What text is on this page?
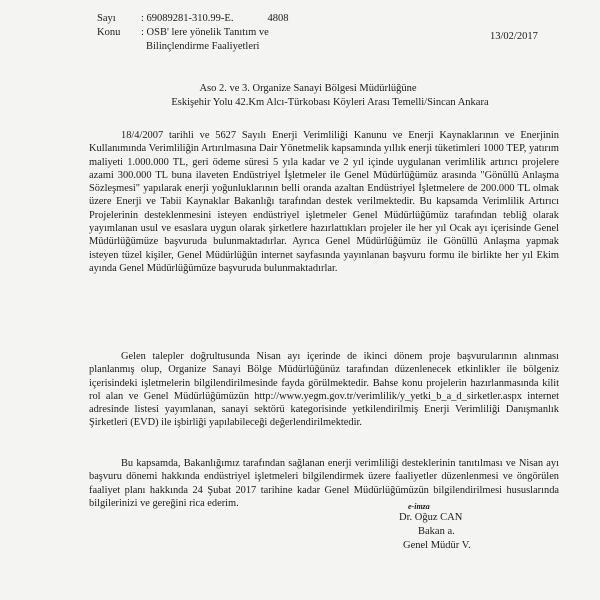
Sayı : 69089281-310.99-E.	4808
Konu : OSB' lere yönelik Tanıtım ve
Bilinçlendirme Faaliyetleri
13/02/2017
Aso 2. ve 3. Organize Sanayi Bölgesi Müdürlüğüne
Eskişehir Yolu 42.Km Alcı-Türkobası Köyleri Arası Temelli/Sincan Ankara

18/4/2007 tarihli ve 5627 Sayılı Enerji Verimliliği Kanunu ve Enerji Kaynaklarının ve Enerjinin Kullanımında Verimliliğin Artırılmasına Dair Yönetmelik kapsamında yıllık enerji tüketimleri 1000 TEP, yatırım maliyeti 1.000.000 TL, geri ödeme süresi 5 yıla kadar ve 2 yıl içinde uygulanan verimlilik artırıcı projelere azami 300.000 TL buna ilaveten Endüstriyel İşletmeler ile Genel Müdürlüğümüz arasında "Gönüllü Anlaşma Sözleşmesi" yapılarak enerji yoğunluklarının belli oranda azaltan Endüstriyel İşletmelere de 200.000 TL olmak üzere Enerji ve Tabii Kaynaklar Bakanlığı tarafından destek verilmektedir. Bu kapsamda Verimlilik Artırıcı Projelerinin desteklenmesini isteyen endüstriyel işletmeler Genel Müdürlüğümüz tarafından tebliğ olarak yayımlanan usul ve esaslara uygun olarak şirketlere hazırlattıkları projeler ile her yıl Ocak ayı içerisinde Genel Müdürlüğümüze başvuruda bulunmaktadırlar. Ayrıca Genel Müdürlüğümüz ile Gönüllü Anlaşma yapmak isteyen tüzel kişiler, Genel Müdürlüğün internet sayfasında yayınlanan başvuru formu ile birlikte her yıl Ekim ayında Genel Müdürlüğümüze başvuruda bulunmaktadırlar.

Gelen talepler doğrultusunda Nisan ayı içerinde de ikinci dönem proje başvurularının alınması planlanmış olup, Organize Sanayi Bölge Müdürlüğünüz tarafından düzenlenecek etkinlikler ile bölgeniz içerisindeki işletmelerin bilgilendirilmesinde fayda görülmektedir. Bahse konu projelerin hazırlanmasında kilit rol alan ve Genel Müdürlüğümüzün http://www.yegm.gov.tr/verimlilik/y_yetki_b_a_d_sirketler.aspx internet adresinde listesi yayımlanan, sanayi sektörü kategorisinde yetkilendirilmiş Enerji Verimliliği Danışmanlık Şirketleri (EVD) ile işbirliği yapılabileceği değerlendirilmektedir.

Bu kapsamda, Bakanlığımız tarafından sağlanan enerji verimliliği desteklerinin tanıtılması ve Nisan ayı başvuru dönemi hakkında endüstriyel işletmeleri bilgilendirmek üzere faaliyetler düzenlenmesi ve öngörülen faaliyet planı hakkında 24 Şubat 2017 tarihine kadar Genel Müdürlüğümüzün bilgilendirilmesi hususlarında bilgilerinizi ve gereğini rica ederim.	e-imza
Dr. Oğuz CAN
Bakan a.
Genel Müdür V.
